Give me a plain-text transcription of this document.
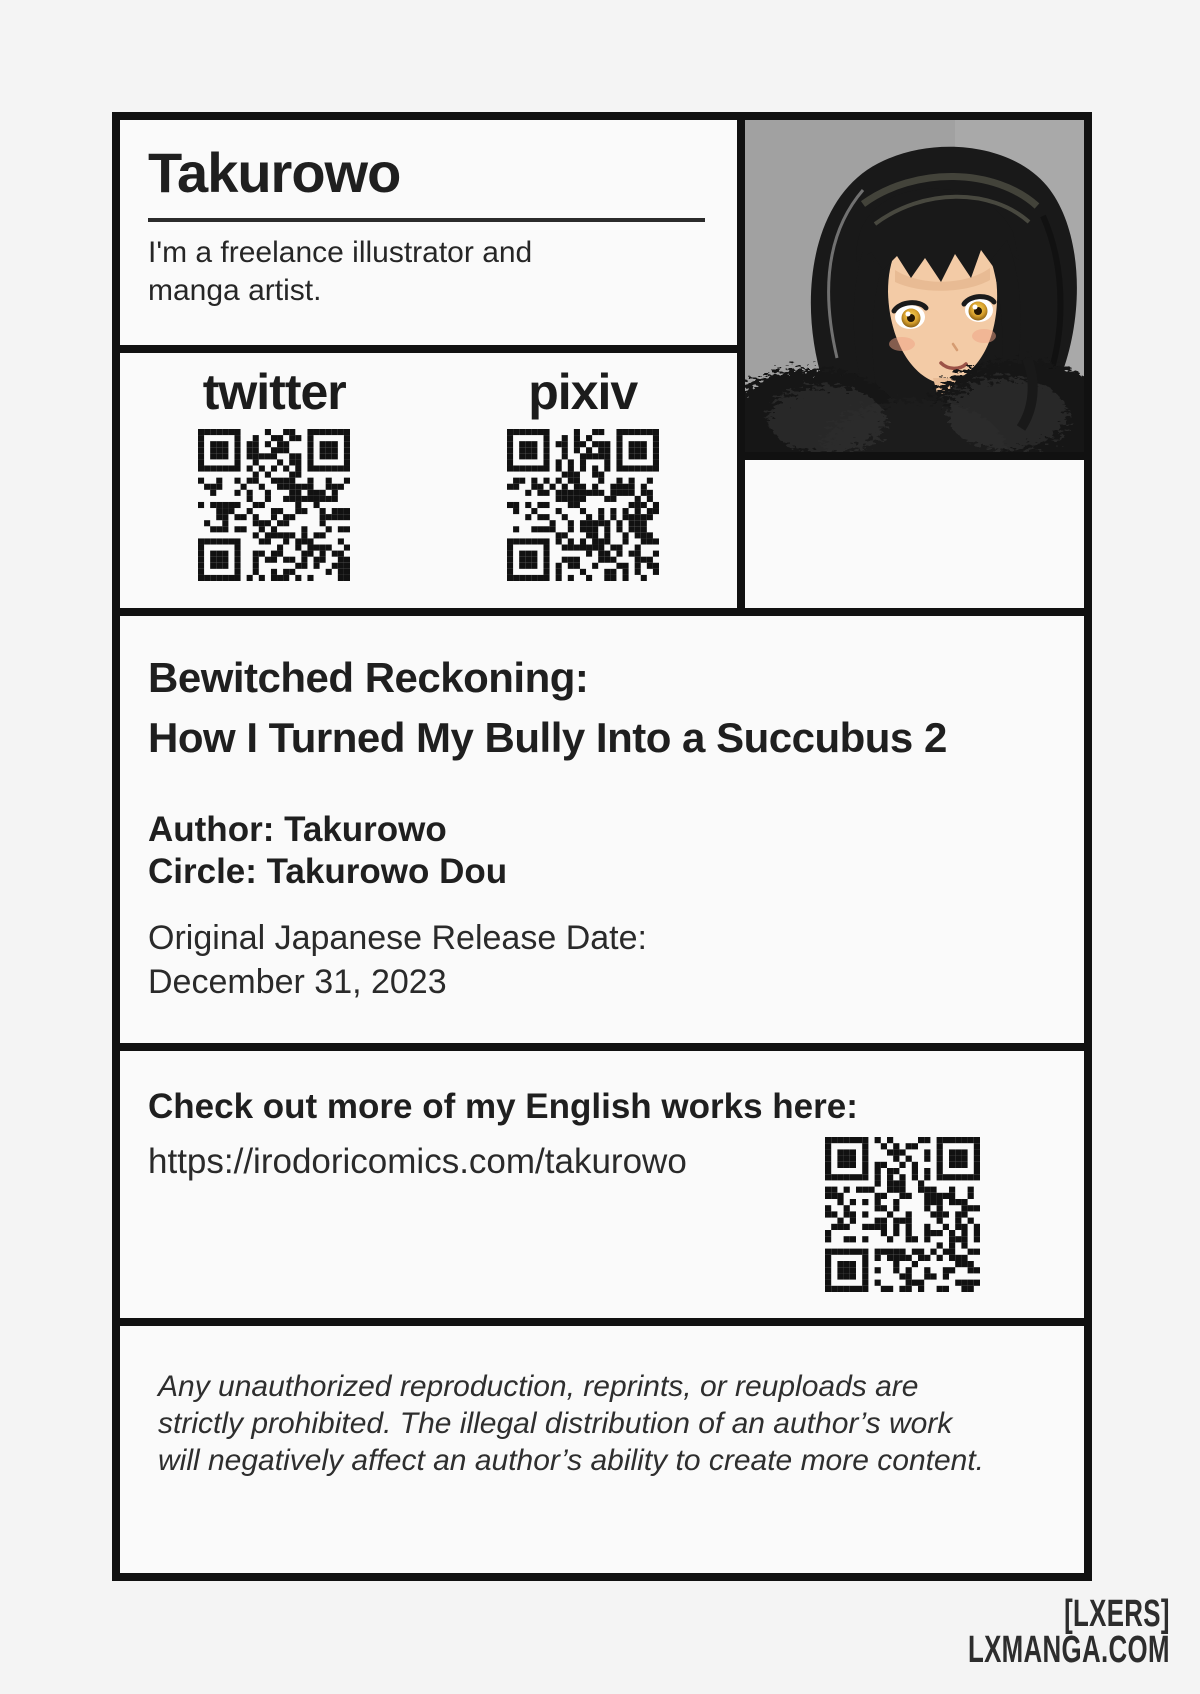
Takurowo

I'm a freelance illustrator and
manga artist.

twitter	pixiv
Bewitched Reckoning:
How I Turned My Bully Into a Succubus 2
Author: Takurowo
Circle: Takurowo Dou
Original Japanese Release Date:
December 31, 2023
Check out more of my English works here:
https://irodoricomics.com/takurowo
Any unauthorized reproduction, reprints, or reuploads are
strictly prohibited. The illegal distribution of an author’s work
will negatively affect an author’s ability to create more content.
[LXERS]
LXMANGA.COM
